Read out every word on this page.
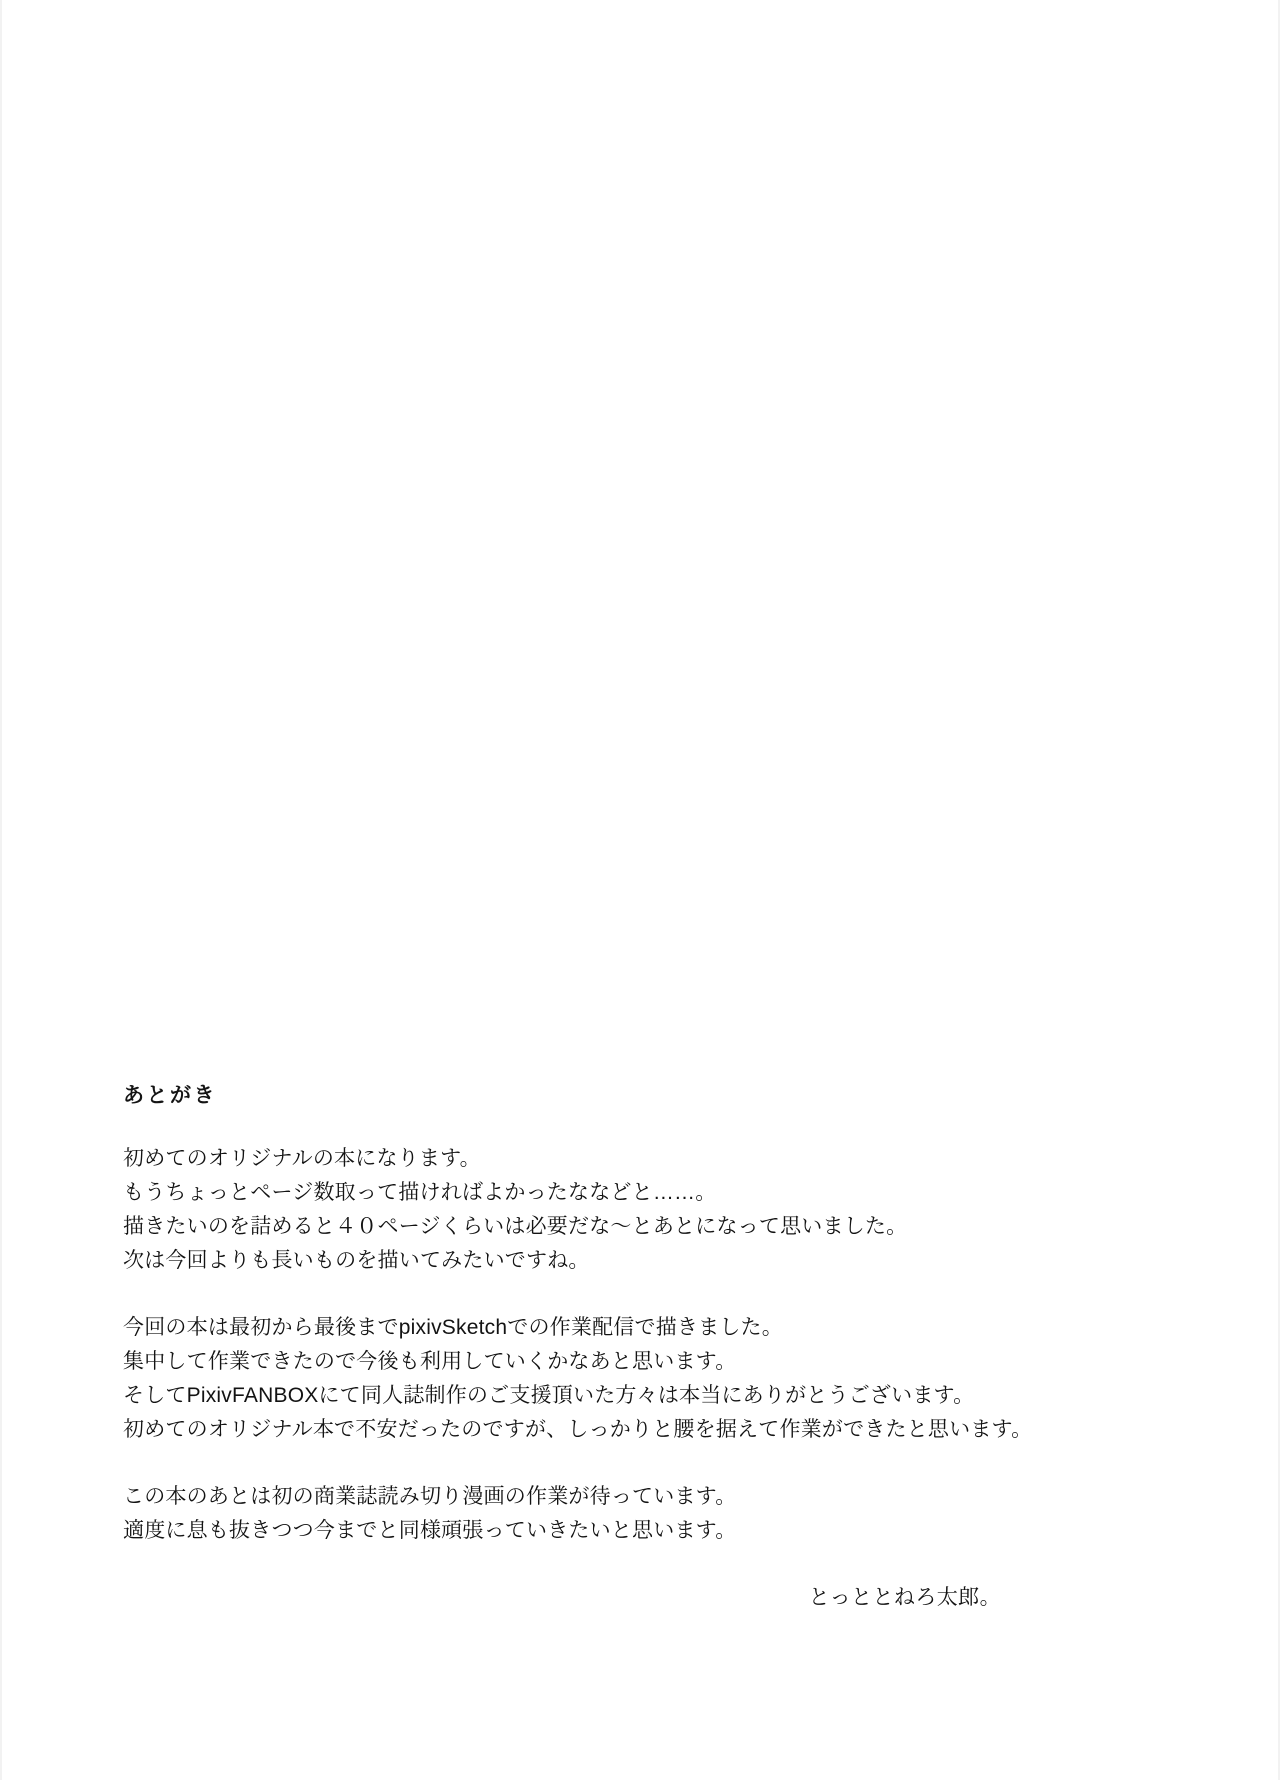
あとがき
初めてのオリジナルの本になります。
もうちょっとページ数取って描ければよかったななどと……。
描きたいのを詰めると４０ページくらいは必要だな〜とあとになって思いました。
次は今回よりも長いものを描いてみたいですね。
今回の本は最初から最後までpixivSketchでの作業配信で描きました。
集中して作業できたので今後も利用していくかなあと思います。
そしてPixivFANBOXにて同人誌制作のご支援頂いた方々は本当にありがとうございます。
初めてのオリジナル本で不安だったのですが、しっかりと腰を据えて作業ができたと思います。
この本のあとは初の商業誌読み切り漫画の作業が待っています。
適度に息も抜きつつ今までと同様頑張っていきたいと思います。
とっととねろ太郎。
